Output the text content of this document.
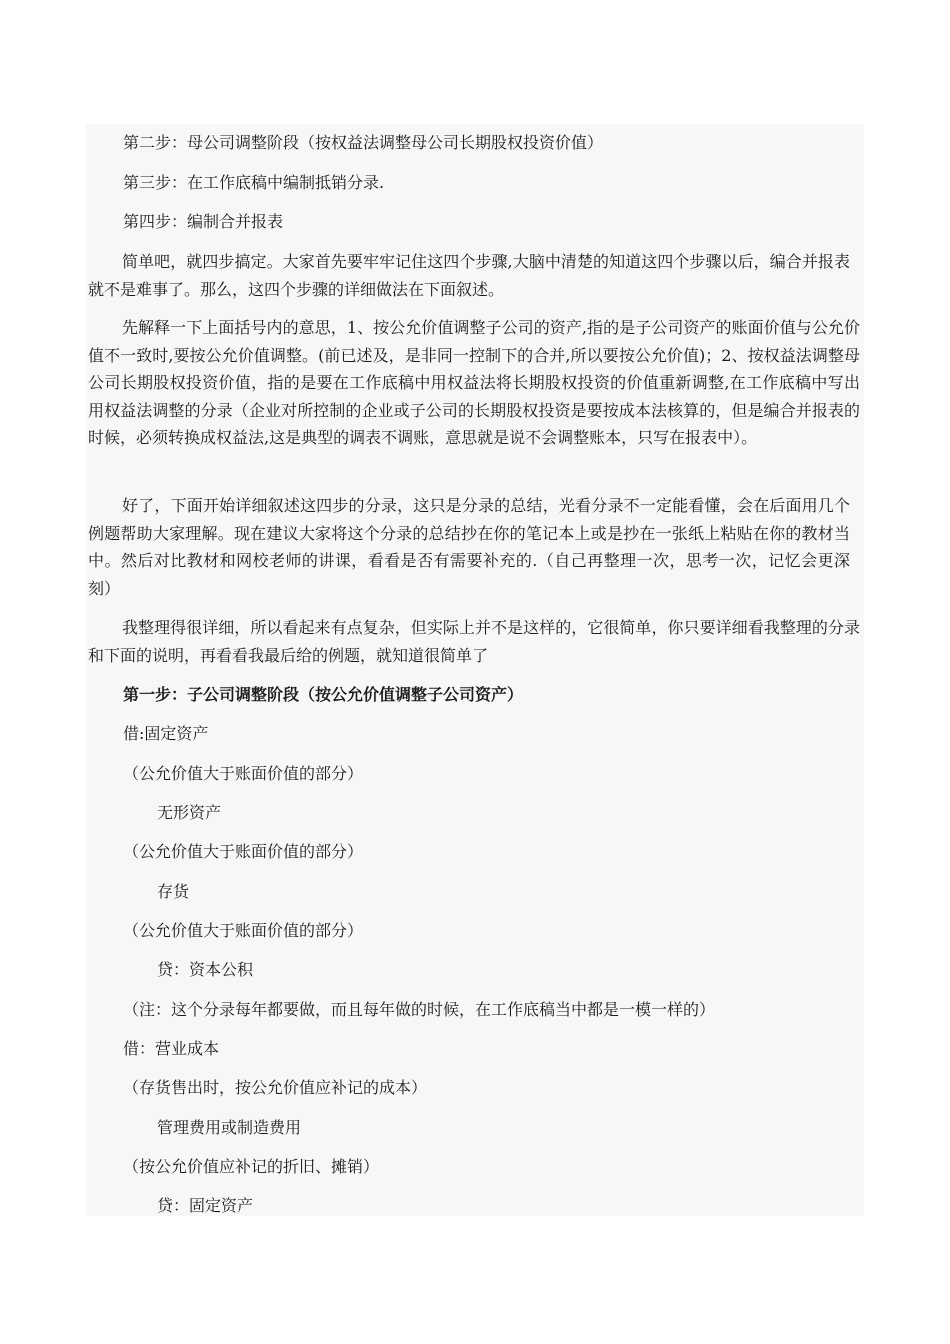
第二步：母公司调整阶段（按权益法调整母公司长期股权投资价值）

第三步：在工作底稿中编制抵销分录.

第四步：编制合并报表

简单吧，就四步搞定。大家首先要牢牢记住这四个步骤,大脑中清楚的知道这四个步骤以后，编合并报表就不是难事了。那么，这四个步骤的详细做法在下面叙述。

先解释一下上面括号内的意思，1、按公允价值调整子公司的资产,指的是子公司资产的账面价值与公允价值不一致时,要按公允价值调整。(前已述及，是非同一控制下的合并,所以要按公允价值)；2、按权益法调整母公司长期股权投资价值，指的是要在工作底稿中用权益法将长期股权投资的价值重新调整,在工作底稿中写出用权益法调整的分录（企业对所控制的企业或子公司的长期股权投资是要按成本法核算的，但是编合并报表的时候，必须转换成权益法,这是典型的调表不调账，意思就是说不会调整账本，只写在报表中）。

好了，下面开始详细叙述这四步的分录，这只是分录的总结，光看分录不一定能看懂，会在后面用几个例题帮助大家理解。现在建议大家将这个分录的总结抄在你的笔记本上或是抄在一张纸上粘贴在你的教材当中。然后对比教材和网校老师的讲课，看看是否有需要补充的.（自己再整理一次，思考一次，记忆会更深刻）

我整理得很详细，所以看起来有点复杂，但实际上并不是这样的，它很简单，你只要详细看我整理的分录和下面的说明，再看看我最后给的例题，就知道很简单了

第一步：子公司调整阶段（按公允价值调整子公司资产）

借:固定资产

（公允价值大于账面价值的部分）

无形资产

（公允价值大于账面价值的部分）

存货

（公允价值大于账面价值的部分）

贷：资本公积

（注：这个分录每年都要做，而且每年做的时候，在工作底稿当中都是一模一样的）

借：营业成本

（存货售出时，按公允价值应补记的成本）

管理费用或制造费用

（按公允价值应补记的折旧、摊销）

贷：固定资产
